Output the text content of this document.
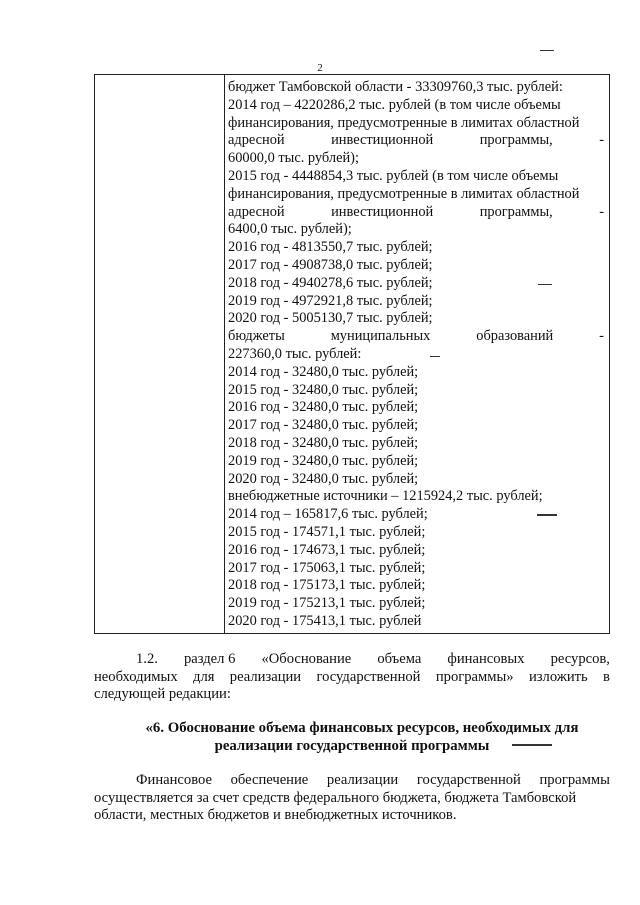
2
бюджет Тамбовской области - 33309760,3 тыс. рублей:
2014 год – 4220286,2 тыс. рублей (в том числе объемы
финансирования, предусмотренные в лимитах областной
адресной	инвестиционной	программы,	-
60000,0 тыс. рублей);
2015 год - 4448854,3 тыс. рублей (в том числе объемы
финансирования, предусмотренные в лимитах областной
адресной	инвестиционной	программы,	-
6400,0 тыс. рублей);
2016 год - 4813550,7 тыс. рублей;
2017 год - 4908738,0 тыс. рублей;
2018 год - 4940278,6 тыс. рублей;
2019 год - 4972921,8 тыс. рублей;
2020 год - 5005130,7 тыс. рублей;
бюджеты	муниципальных	образований	-
227360,0 тыс. рублей:
2014 год - 32480,0 тыс. рублей;
2015 год - 32480,0 тыс. рублей;
2016 год - 32480,0 тыс. рублей;
2017 год - 32480,0 тыс. рублей;
2018 год - 32480,0 тыс. рублей;
2019 год - 32480,0 тыс. рублей;
2020 год - 32480,0 тыс. рублей;
внебюджетные источники – 1215924,2 тыс. рублей;
2014 год – 165817,6 тыс. рублей;
2015 год - 174571,1 тыс. рублей;
2016 год - 174673,1 тыс. рублей;
2017 год - 175063,1 тыс. рублей;
2018 год - 175173,1 тыс. рублей;
2019 год - 175213,1 тыс. рублей;
2020 год - 175413,1 тыс. рублей
1.2. раздел 6 «Обоснование объема финансовых ресурсов,
необходимых для реализации государственной программы» изложить в
следующей редакции:
«6. Обоснование объема финансовых ресурсов, необходимых для
реализации государственной программы
Финансовое обеспечение реализации государственной программы
осуществляется за счет средств федерального бюджета, бюджета Тамбовской
области, местных бюджетов и внебюджетных источников.
